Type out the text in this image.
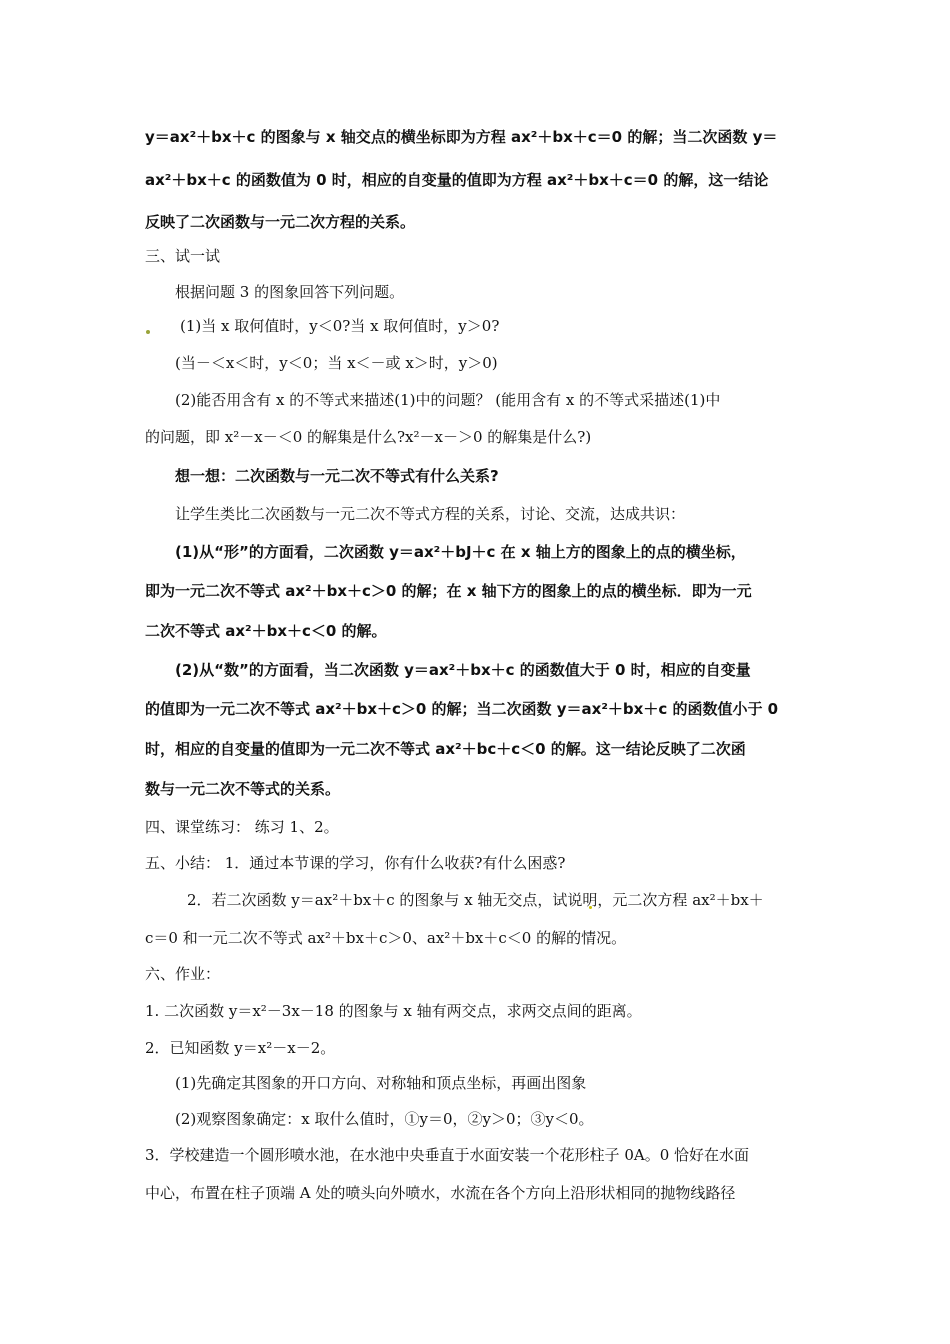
y＝ax²＋bx＋c 的图象与 x 轴交点的横坐标即为方程 ax²＋bx＋c＝0 的解；当二次函数 y＝
ax²＋bx＋c 的函数值为 0 时，相应的自变量的值即为方程 ax²＋bx＋c＝0 的解，这一结论
反映了二次函数与一元二次方程的关系。
三、试一试
根据问题 3 的图象回答下列问题。
(1)当 x 取何值时，y＜0?当 x 取何值时，y＞0?
(当－＜x＜时，y＜0；当 x＜－或 x＞时，y＞0)
(2)能否用含有 x 的不等式来描述(1)中的问题？ (能用含有 x 的不等式采描述(1)中
的问题，即 x²－x－＜0 的解集是什么?x²－x－＞0 的解集是什么?)
想一想：二次函数与一元二次不等式有什么关系?
让学生类比二次函数与一元二次不等式方程的关系，讨论、交流，达成共识：
(1)从“形”的方面看，二次函数 y＝ax²＋bJ＋c 在 x 轴上方的图象上的点的横坐标，
即为一元二次不等式 ax²＋bx＋c＞0 的解；在 x 轴下方的图象上的点的横坐标．即为一元
二次不等式 ax²＋bx＋c＜0 的解。
(2)从“数”的方面看，当二次函数 y＝ax²＋bx＋c 的函数值大于 0 时，相应的自变量
的值即为一元二次不等式 ax²＋bx＋c＞0 的解；当二次函数 y＝ax²＋bx＋c 的函数值小于 0
时，相应的自变量的值即为一元二次不等式 ax²＋bc＋c＜0 的解。这一结论反映了二次函
数与一元二次不等式的关系。
四、课堂练习： 练习 1、2。
五、小结： 1．通过本节课的学习，你有什么收获?有什么困惑?
2．若二次函数 y＝ax²＋bx＋c 的图象与 x 轴无交点，试说明，元二次方程 ax²＋bx＋
c＝0 和一元二次不等式 ax²＋bx＋c＞0、ax²＋bx＋c＜0 的解的情况。
六、作业：
1. 二次函数 y＝x²－3x－18 的图象与 x 轴有两交点，求两交点间的距离。
2．已知函数 y＝x²－x－2。
(1)先确定其图象的开口方向、对称轴和顶点坐标，再画出图象
(2)观察图象确定：x 取什么值时，①y＝0，②y＞0；③y＜0。
3．学校建造一个圆形喷水池，在水池中央垂直于水面安装一个花形柱子 0A。0 恰好在水面
中心，布置在柱子顶端 A 处的喷头向外喷水，水流在各个方向上沿形状相同的抛物线路径
